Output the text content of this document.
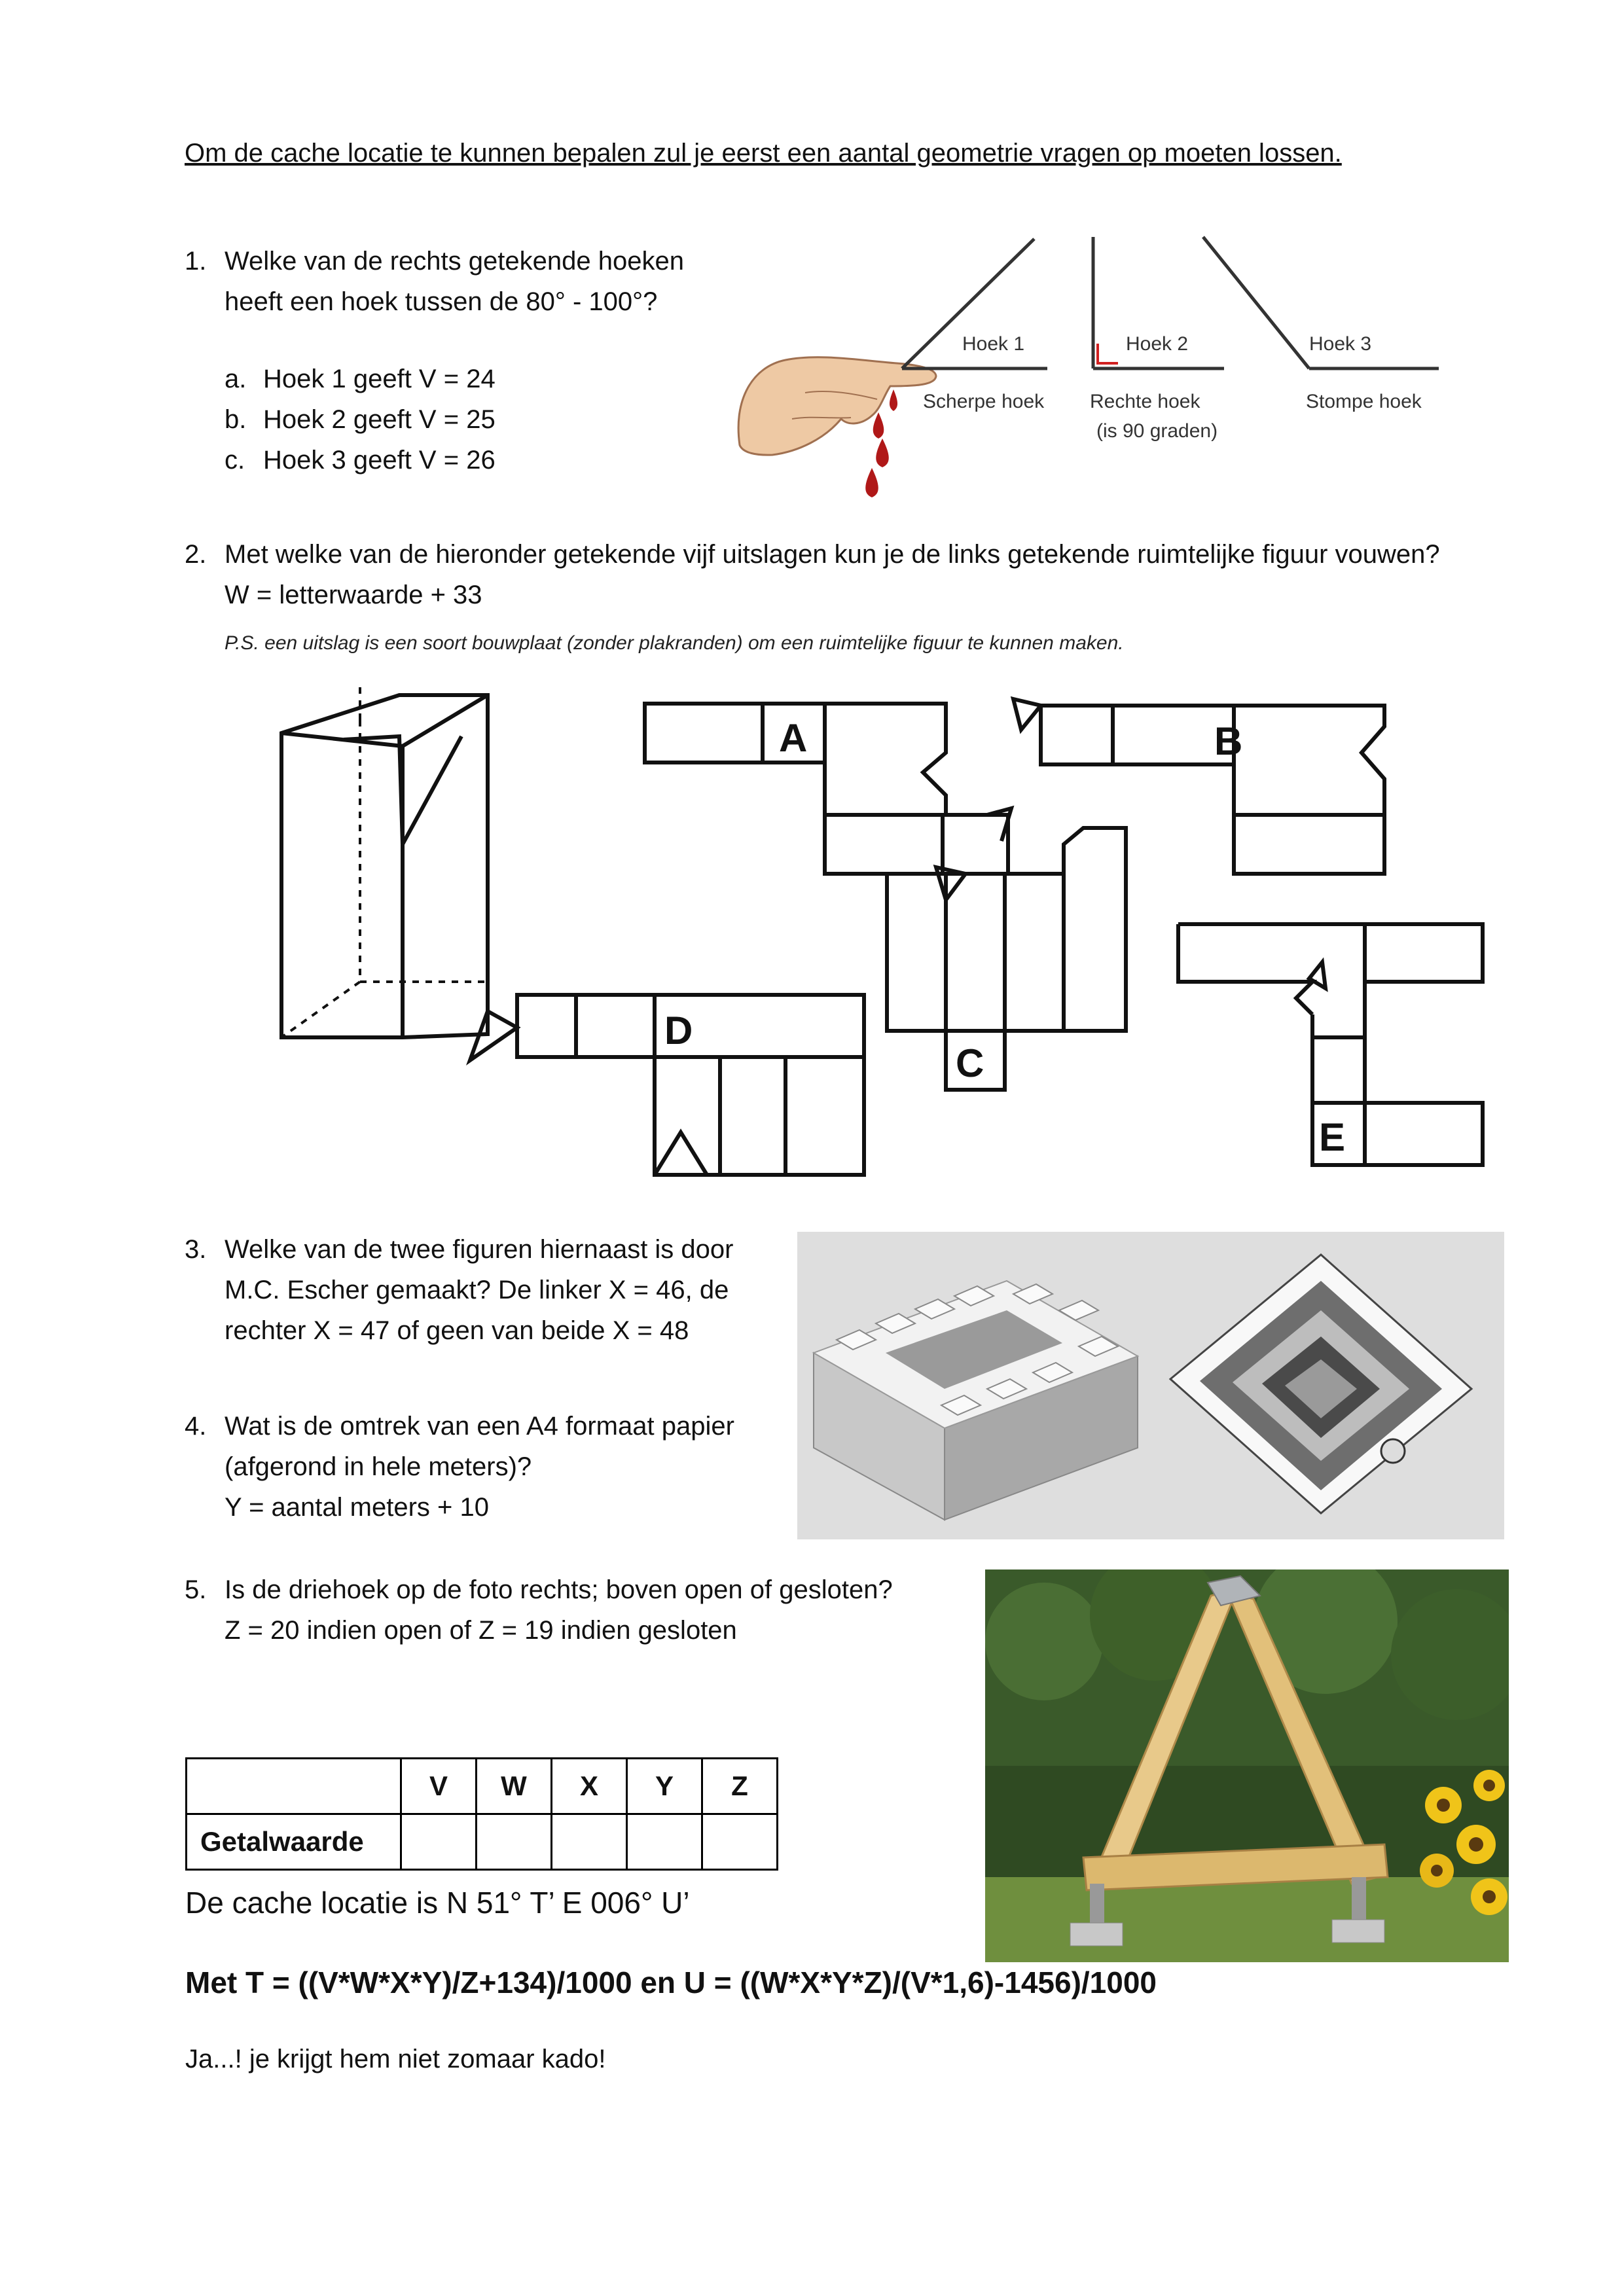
Om de cache locatie te kunnen bepalen zul je eerst een aantal geometrie vragen op moeten lossen.
1. Welke van de rechts getekende hoeken
heeft een hoek tussen de 80° - 100°?
a. Hoek 1 geeft V = 24
b. Hoek 2 geeft V = 25
c. Hoek 3 geeft V = 26
Hoek 1
Scherpe hoek
Hoek 2
Rechte hoek
(is 90 graden)
Hoek 3
Stompe hoek
2. Met welke van de hieronder getekende vijf uitslagen kun je de links getekende ruimtelijke figuur vouwen?
W = letterwaarde + 33
P.S. een uitslag is een soort bouwplaat (zonder plakranden) om een ruimtelijke figuur te kunnen maken.
A	B
C
D
E
3. Welke van de twee figuren hiernaast is door
M.C. Escher gemaakt? De linker X = 46, de
rechter X = 47 of geen van beide X = 48
4. Wat is de omtrek van een A4 formaat papier
(afgerond in hele meters)?
Y = aantal meters + 10
5. Is de driehoek op de foto rechts; boven open of gesloten?
Z = 20 indien open of Z = 19 indien gesloten
	V	W	X	Y	Z
Getalwaarde					
De cache locatie is N 51° T’ E 006° U’
Met T = ((V*W*X*Y)/Z+134)/1000 en U = ((W*X*Y*Z)/(V*1,6)-1456)/1000
Ja...! je krijgt hem niet zomaar kado!
